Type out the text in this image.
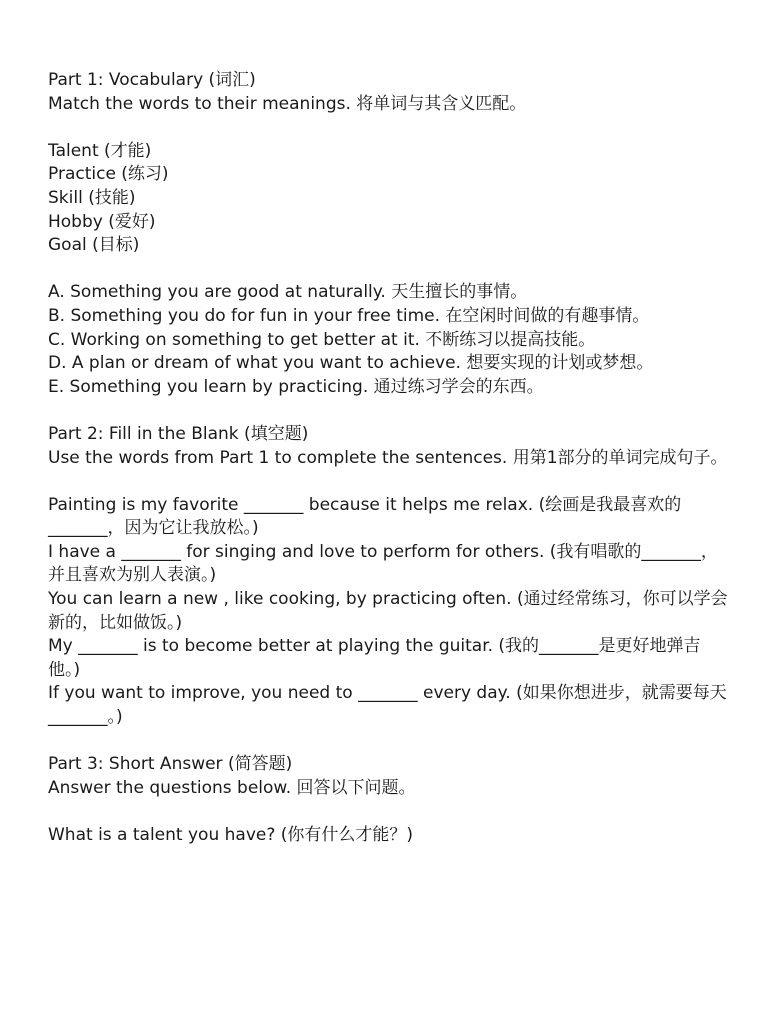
Part 1: Vocabulary (词汇)

Match the words to their meanings. 将单词与其含义匹配。

Talent (才能)

Practice (练习)

Skill (技能)

Hobby (爱好)

Goal (目标)

A. Something you are good at naturally. 天生擅长的事情。

B. Something you do for fun in your free time. 在空闲时间做的有趣事情。

C. Working on something to get better at it. 不断练习以提高技能。

D. A plan or dream of what you want to achieve. 想要实现的计划或梦想。

E. Something you learn by practicing. 通过练习学会的东西。

Part 2: Fill in the Blank (填空题)

Use the words from Part 1 to complete the sentences. 用第1部分的单词完成句子。

Painting is my favorite _______ because it helps me relax. (绘画是我最喜欢的_______，因为它让我放松。)

I have a _______ for singing and love to perform for others. (我有唱歌的_______，并且喜欢为别人表演。)

You can learn a new , like cooking, by practicing often. (通过经常练习，你可以学会新的，比如做饭。)

My _______ is to become better at playing the guitar. (我的_______是更好地弹吉他。)

If you want to improve, you need to _______ every day. (如果你想进步，就需要每天_______。)

Part 3: Short Answer (简答题)

Answer the questions below. 回答以下问题。

What is a talent you have? (你有什么才能？)
